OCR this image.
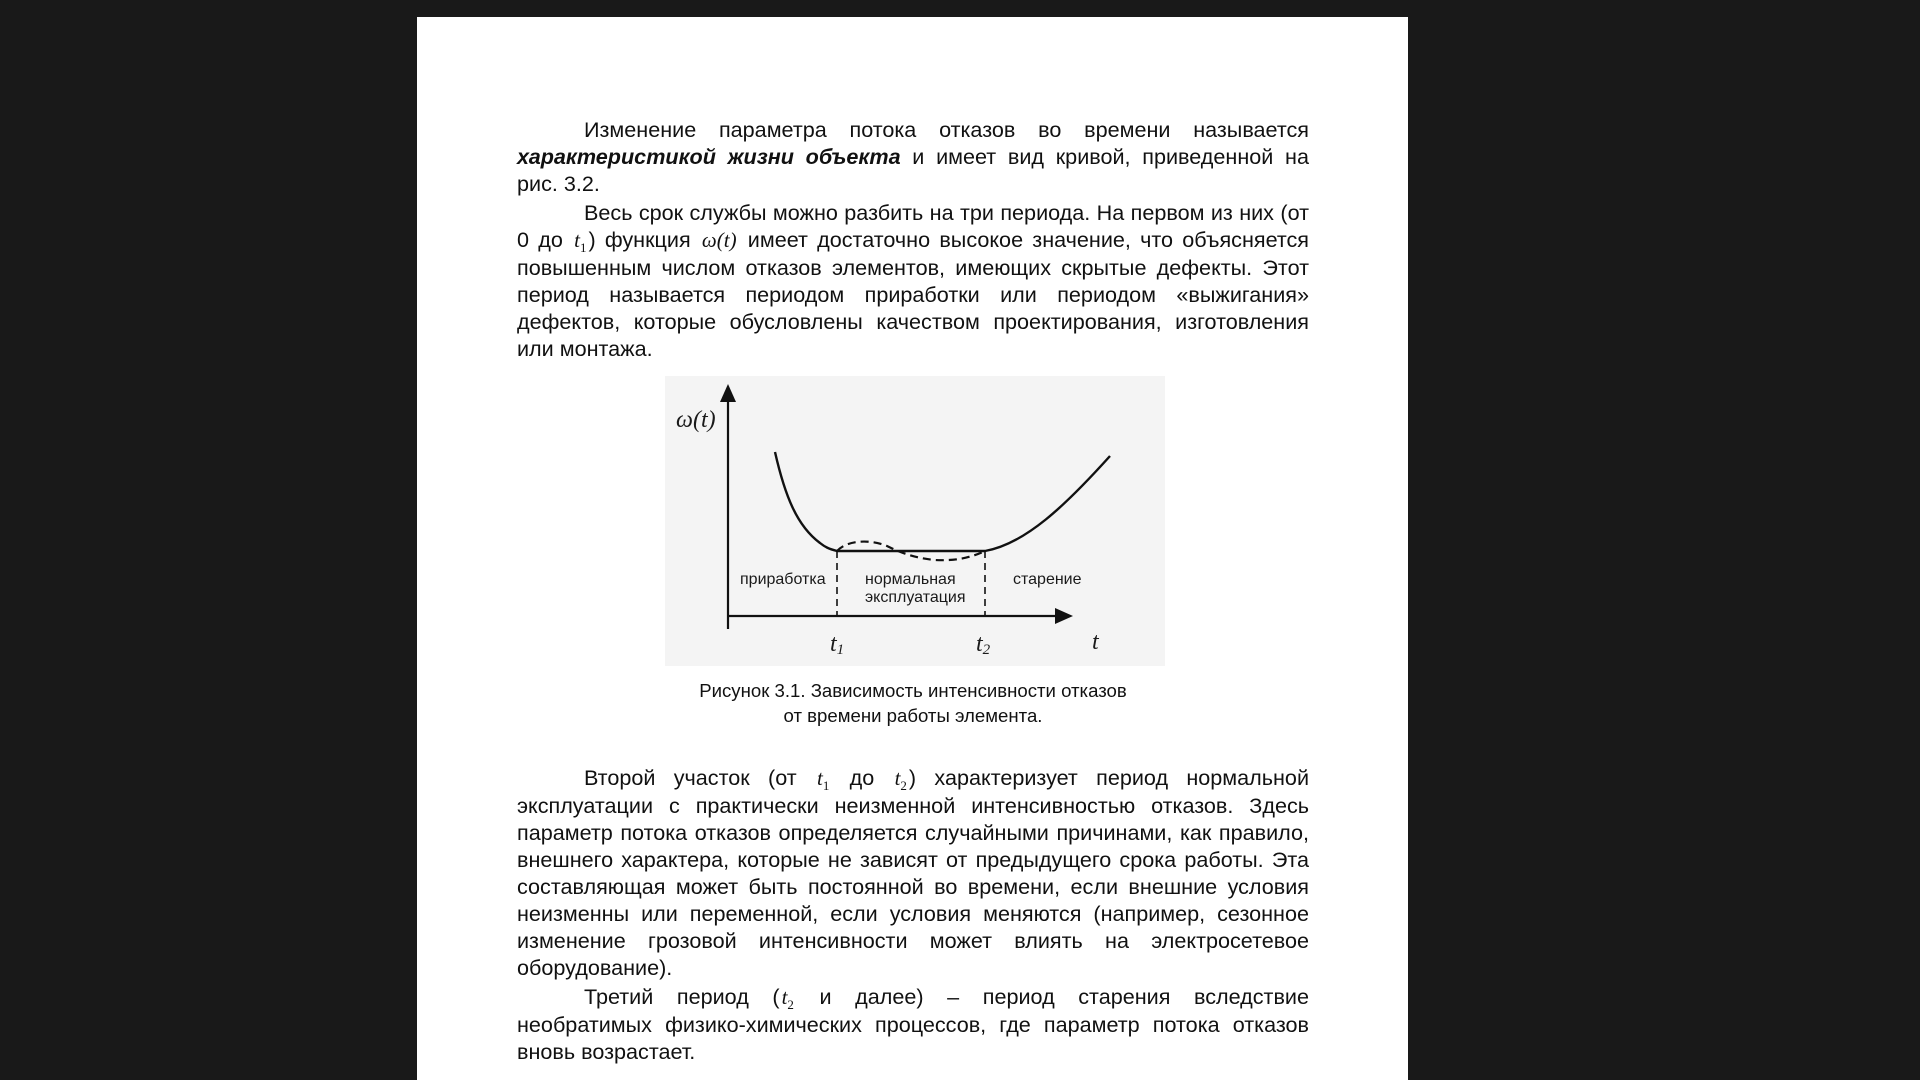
Изменение параметра потока отказов во времени называется характеристикой жизни объекта и имеет вид кривой, приведенной на рис. 3.2.

Весь срок службы можно разбить на три периода. На первом из них (от 0 до $t_1$) функция ω(t) имеет достаточно высокое значение, что объясняется повышенным числом отказов элементов, имеющих скрытые дефекты. Этот период называется периодом приработки или периодом «выжигания» дефектов, которые обусловлены качеством проектирования, изготовления или монтажа.

ω(t)
t
t1	t2
приработка нормальная
эксплуатация
старение
Рисунок 3.1. Зависимость интенсивности отказов
от времени работы элемента.

Второй участок (от $t_1$ до $t_2$) характеризует период нормальной эксплуатации с практически неизменной интенсивностью отказов. Здесь параметр потока отказов определяется случайными причинами, как правило, внешнего характера, которые не зависят от предыдущего срока работы. Эта составляющая может быть постоянной во времени, если внешние условия неизменны или переменной, если условия меняются (например, сезонное изменение грозовой интенсивности может влиять на электросетевое оборудование).

Третий период ($t_2$ и далее) – период старения вследствие необратимых физико-химических процессов, где параметр потока отказов вновь возрастает.
